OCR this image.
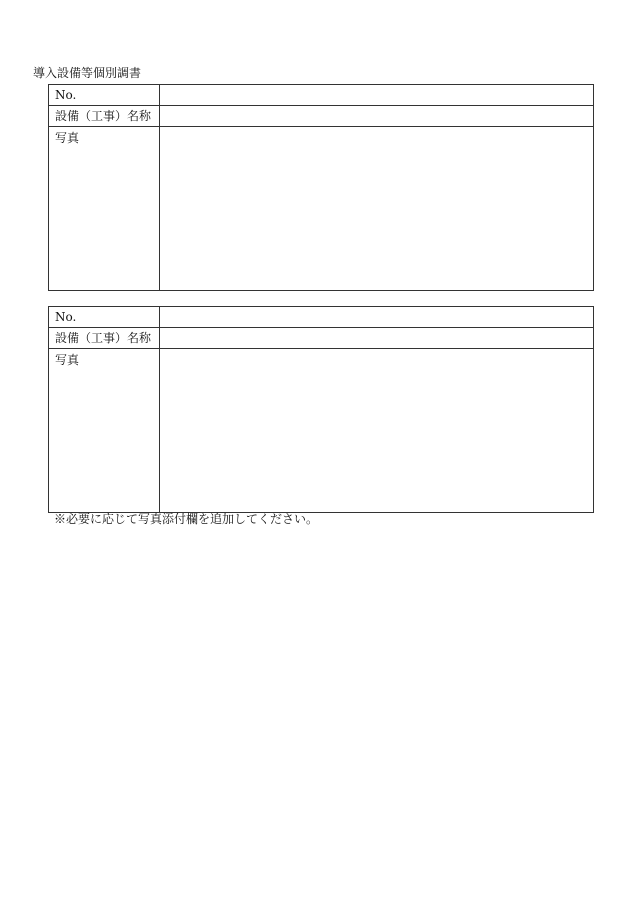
導入設備等個別調書
No.	
設備（工事）名称	
写真	
No.	
設備（工事）名称	
写真	
※必要に応じて写真添付欄を追加してください。
